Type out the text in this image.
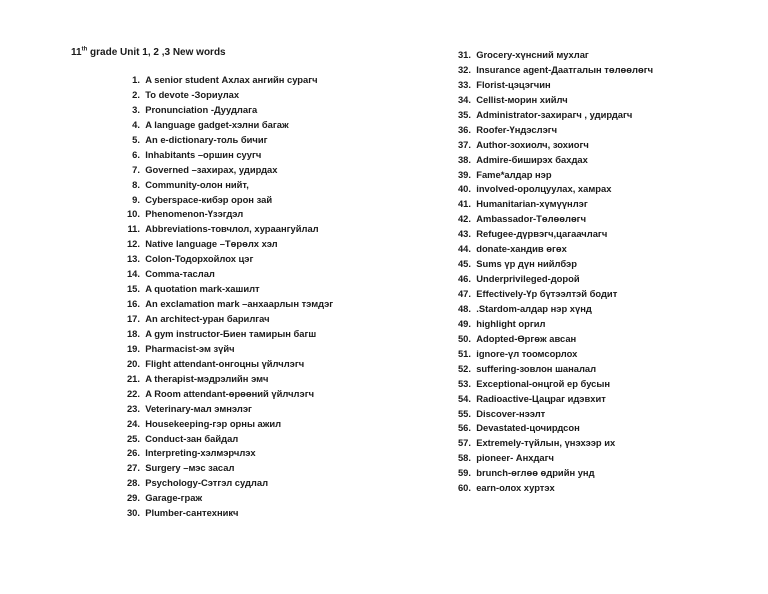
11th grade Unit 1, 2 ,3 New words
1.
A senior student Ахлах ангийн сурагч
2.
To devote -Зориулах
3.
Pronunciation -Дуудлага
4.
A language gadget-хэлни багаж
5.
An e-dictionary-толь бичиг
6.
Inhabitants –оршин суугч
7.
Governed –захирах, удирдах
8.
Community-олон нийт,
9.
Cyberspace-кибэр орон зай
10.
Phenomenon-Үзэгдэл
11.
Abbreviations-товчлол, хураангуйлал
12.
Native language –Төрөлх хэл
13.
Colon-Тодорхойлох цэг
14.
Comma-таслал
15.
A quotation mark-хашилт
16.
An exclamation mark –анхаарлын тэмдэг
17.
An architect-уран барилгач
18.
A gym instructor-Биен тамирын багш
19.
Pharmacist-эм зүйч
20.
Flight attendant-онгоцны үйлчлэгч
21.
A therapist-мэдрэлийн эмч
22.
A Room attendant-өрөөний үйлчлэгч
23.
Veterinary-мал эмнэлэг
24.
Housekeeping-гэр орны ажил
25.
Conduct-зан байдал
26.
Interpreting-хэлмэрчлэх
27.
Surgery –мэс засал
28.
Psychology-Сэтгэл судлал
29.
Garage-граж
30.
Plumber-сантехникч
31.
Grocery-хүнсний мухлаг
32.
Insurance agent-Даатгалын төлөөлөгч
33.
Florist-цэцэгчин
34.
Cellist-морин хийлч
35.
Administrator-захирагч , удирдагч
36.
Roofer-Үндэслэгч
37.
Author-зохиолч, зохиогч
38.
Admire-биширэх бахдах
39.
Fame*алдар нэр
40.
involved-оролцуулах, хамрах
41.
Humanitarian-хүмүүнлэг
42.
Ambassador-Төлөөлөгч
43.
Refugee-дүрвэгч,цагаачлагч
44.
donate-хандив өгөх
45.
Sums үр дүн нийлбэр
46.
Underprivileged-дорой
47.
Effectively-Үр бүтээлтэй бодит
48.
.Stardom-алдар нэр хүнд
49.
highlight оргил
50.
Adopted-Өргөж авсан
51.
ignore-үл тоомсорлох
52.
suffering-зовлон шаналал
53.
Exceptional-онцгой ер бусын
54.
Radioactive-Цацраг идэвхит
55.
Discover-нээлт
56.
Devastated-цочирдсон
57.
Extremely-түйлын, үнэхээр их
58.
pioneer- Анхдагч
59.
brunch-өглөө өдрийн унд
60.
earn-олох хуртэх
